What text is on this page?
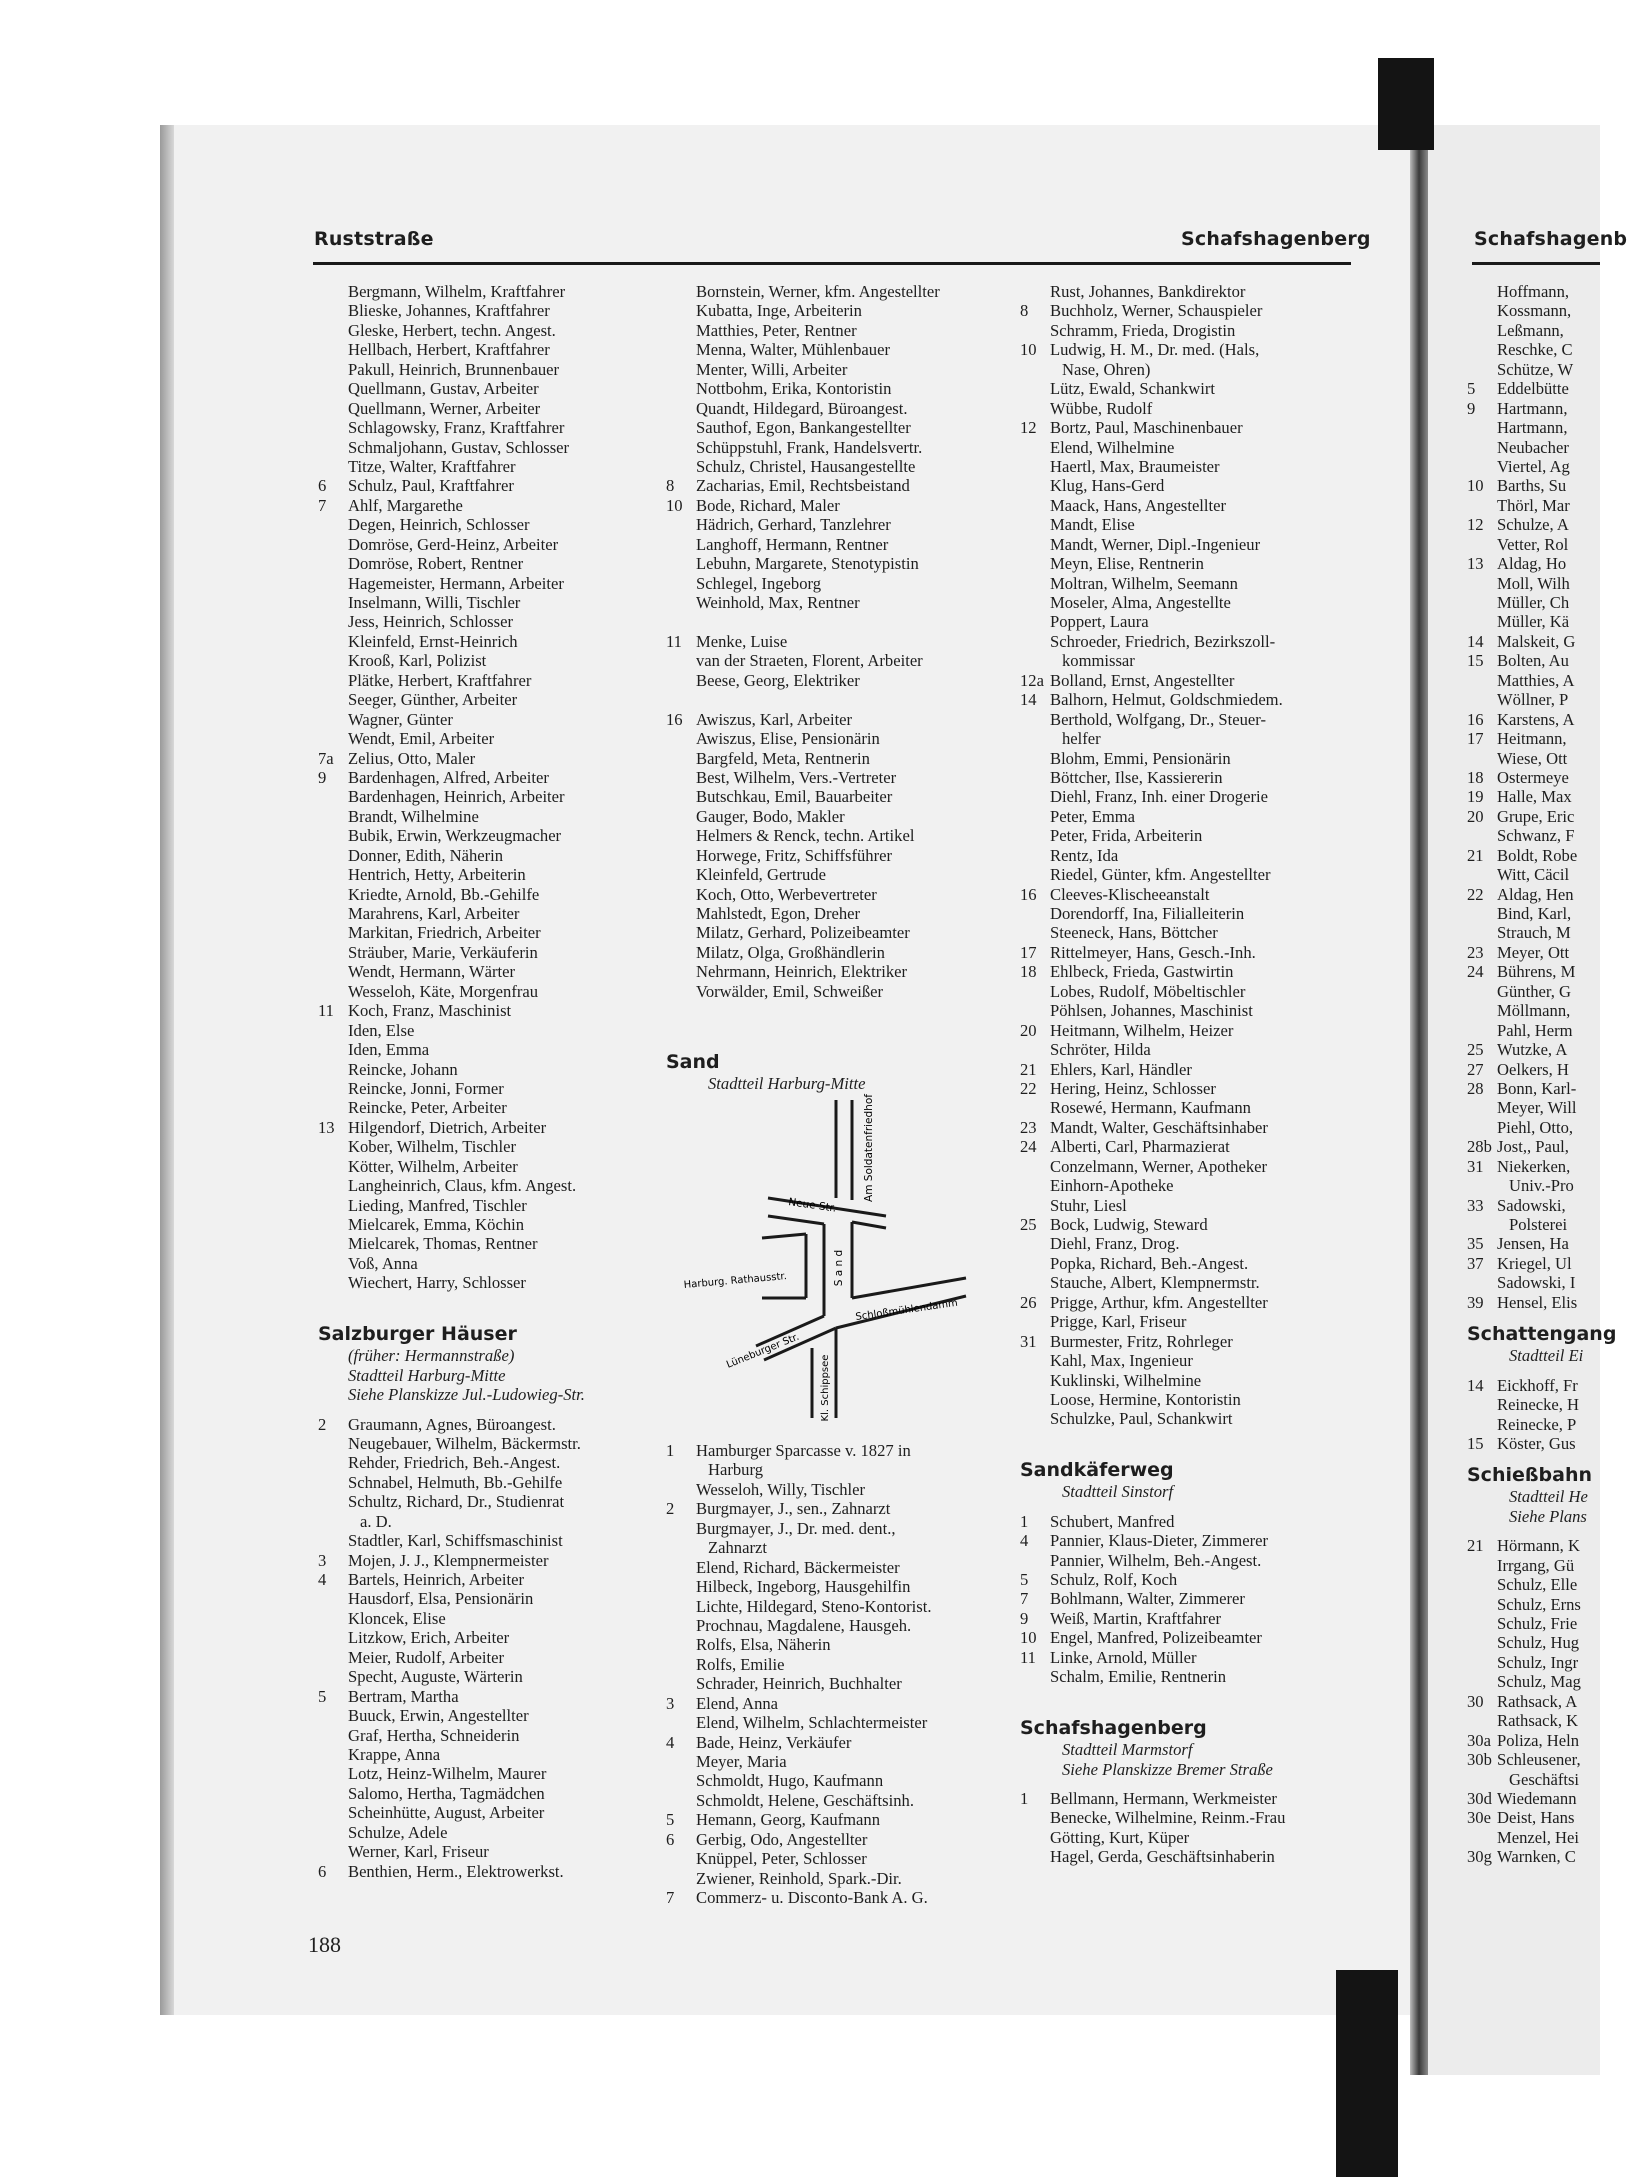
Ruststraße	Schafshagenberg	Schafshagenb
Bergmann, Wilhelm, Kraftfahrer
Blieske, Johannes, Kraftfahrer
Gleske, Herbert, techn. Angest.
Hellbach, Herbert, Kraftfahrer
Pakull, Heinrich, Brunnenbauer
Quellmann, Gustav, Arbeiter
Quellmann, Werner, Arbeiter
Schlagowsky, Franz, Kraftfahrer
Schmaljohann, Gustav, Schlosser
Titze, Walter, Kraftfahrer
6	Schulz, Paul, Kraftfahrer
7	Ahlf, Margarethe
Degen, Heinrich, Schlosser
Domröse, Gerd-Heinz, Arbeiter
Domröse, Robert, Rentner
Hagemeister, Hermann, Arbeiter
Inselmann, Willi, Tischler
Jess, Heinrich, Schlosser
Kleinfeld, Ernst-Heinrich
Krooß, Karl, Polizist
Plätke, Herbert, Kraftfahrer
Seeger, Günther, Arbeiter
Wagner, Günter
Wendt, Emil, Arbeiter
7a Zelius, Otto, Maler
9	Bardenhagen, Alfred, Arbeiter
Bardenhagen, Heinrich, Arbeiter
Brandt, Wilhelmine
Bubik, Erwin, Werkzeugmacher
Donner, Edith, Näherin
Hentrich, Hetty, Arbeiterin
Kriedte, Arnold, Bb.-Gehilfe
Marahrens, Karl, Arbeiter
Markitan, Friedrich, Arbeiter
Sträuber, Marie, Verkäuferin
Wendt, Hermann, Wärter
Wesseloh, Käte, Morgenfrau
11 Koch, Franz, Maschinist
Iden, Else
Iden, Emma
Reincke, Johann
Reincke, Jonni, Former
Reincke, Peter, Arbeiter
13 Hilgendorf, Dietrich, Arbeiter
Kober, Wilhelm, Tischler
Kötter, Wilhelm, Arbeiter
Langheinrich, Claus, kfm. Angest.
Lieding, Manfred, Tischler
Mielcarek, Emma, Köchin
Mielcarek, Thomas, Rentner
Voß, Anna
Wiechert, Harry, Schlosser
Salzburger Häuser
(früher: Hermannstraße)
Stadtteil Harburg-Mitte
Siehe Planskizze Jul.-Ludowieg-Str.
2	Graumann, Agnes, Büroangest.
Neugebauer, Wilhelm, Bäckermstr.
Rehder, Friedrich, Beh.-Angest.
Schnabel, Helmuth, Bb.-Gehilfe
Schultz, Richard, Dr., Studienrat
a. D.
Stadtler, Karl, Schiffsmaschinist
3	Mojen, J. J., Klempnermeister
4	Bartels, Heinrich, Arbeiter
Hausdorf, Elsa, Pensionärin
Kloncek, Elise
Litzkow, Erich, Arbeiter
Meier, Rudolf, Arbeiter
Specht, Auguste, Wärterin
5	Bertram, Martha
Buuck, Erwin, Angestellter
Graf, Hertha, Schneiderin
Krappe, Anna
Lotz, Heinz-Wilhelm, Maurer
Salomo, Hertha, Tagmädchen
Scheinhütte, August, Arbeiter
Schulze, Adele
Werner, Karl, Friseur
6	Benthien, Herm., Elektrowerkst.
Bornstein, Werner, kfm. Angestellter
Kubatta, Inge, Arbeiterin
Matthies, Peter, Rentner
Menna, Walter, Mühlenbauer
Menter, Willi, Arbeiter
Nottbohm, Erika, Kontoristin
Quandt, Hildegard, Büroangest.
Sauthof, Egon, Bankangestellter
Schüppstuhl, Frank, Handelsvertr.
Schulz, Christel, Hausangestellte
8	Zacharias, Emil, Rechtsbeistand
10 Bode, Richard, Maler
Hädrich, Gerhard, Tanzlehrer
Langhoff, Hermann, Rentner
Lebuhn, Margarete, Stenotypistin
Schlegel, Ingeborg
Weinhold, Max, Rentner
11 Menke, Luise
van der Straeten, Florent, Arbeiter
Beese, Georg, Elektriker
16 Awiszus, Karl, Arbeiter
Awiszus, Elise, Pensionärin
Bargfeld, Meta, Rentnerin
Best, Wilhelm, Vers.-Vertreter
Butschkau, Emil, Bauarbeiter
Gauger, Bodo, Makler
Helmers & Renck, techn. Artikel
Horwege, Fritz, Schiffsführer
Kleinfeld, Gertrude
Koch, Otto, Werbevertreter
Mahlstedt, Egon, Dreher
Milatz, Gerhard, Polizeibeamter
Milatz, Olga, Großhändlerin
Nehrmann, Heinrich, Elektriker
Vorwälder, Emil, Schweißer
Sand
Stadtteil Harburg-Mitte
Am Soldatenfriedhof
Neue Str.
Harburg. Rathausstr.	S a n d
Schloßmühlendamm
Lüneburger Str.
Kl. Schippsee
1	Hamburger Sparcasse v. 1827 in
Harburg
Wesseloh, Willy, Tischler
2	Burgmayer, J., sen., Zahnarzt
Burgmayer, J., Dr. med. dent.,
Zahnarzt
Elend, Richard, Bäckermeister
Hilbeck, Ingeborg, Hausgehilfin
Lichte, Hildegard, Steno-Kontorist.
Prochnau, Magdalene, Hausgeh.
Rolfs, Elsa, Näherin
Rolfs, Emilie
Schrader, Heinrich, Buchhalter
3	Elend, Anna
Elend, Wilhelm, Schlachtermeister
4	Bade, Heinz, Verkäufer
Meyer, Maria
Schmoldt, Hugo, Kaufmann
Schmoldt, Helene, Geschäftsinh.
5	Hemann, Georg, Kaufmann
6	Gerbig, Odo, Angestellter
Knüppel, Peter, Schlosser
Zwiener, Reinhold, Spark.-Dir.
7	Commerz- u. Disconto-Bank A. G.
Rust, Johannes, Bankdirektor
8	Buchholz, Werner, Schauspieler
Schramm, Frieda, Drogistin
10 Ludwig, H. M., Dr. med. (Hals,
Nase, Ohren)
Lütz, Ewald, Schankwirt
Wübbe, Rudolf
12 Bortz, Paul, Maschinenbauer
Elend, Wilhelmine
Haertl, Max, Braumeister
Klug, Hans-Gerd
Maack, Hans, Angestellter
Mandt, Elise
Mandt, Werner, Dipl.-Ingenieur
Meyn, Elise, Rentnerin
Moltran, Wilhelm, Seemann
Moseler, Alma, Angestellte
Poppert, Laura
Schroeder, Friedrich, Bezirkszoll-
kommissar
12a Bolland, Ernst, Angestellter
14 Balhorn, Helmut, Goldschmiedem.
Berthold, Wolfgang, Dr., Steuer-
helfer
Blohm, Emmi, Pensionärin
Böttcher, Ilse, Kassiererin
Diehl, Franz, Inh. einer Drogerie
Peter, Emma
Peter, Frida, Arbeiterin
Rentz, Ida
Riedel, Günter, kfm. Angestellter
16 Cleeves-Klischeeanstalt
Dorendorff, Ina, Filialleiterin
Steeneck, Hans, Böttcher
17 Rittelmeyer, Hans, Gesch.-Inh.
18 Ehlbeck, Frieda, Gastwirtin
Lobes, Rudolf, Möbeltischler
Pöhlsen, Johannes, Maschinist
20 Heitmann, Wilhelm, Heizer
Schröter, Hilda
21 Ehlers, Karl, Händler
22 Hering, Heinz, Schlosser
Rosewé, Hermann, Kaufmann
23 Mandt, Walter, Geschäftsinhaber
24 Alberti, Carl, Pharmazierat
Conzelmann, Werner, Apotheker
Einhorn-Apotheke
Stuhr, Liesl
25 Bock, Ludwig, Steward
Diehl, Franz, Drog.
Popka, Richard, Beh.-Angest.
Stauche, Albert, Klempnermstr.
26 Prigge, Arthur, kfm. Angestellter
Prigge, Karl, Friseur
31 Burmester, Fritz, Rohrleger
Kahl, Max, Ingenieur
Kuklinski, Wilhelmine
Loose, Hermine, Kontoristin
Schulzke, Paul, Schankwirt
Sandkäferweg
Stadtteil Sinstorf
1	Schubert, Manfred
4	Pannier, Klaus-Dieter, Zimmerer
Pannier, Wilhelm, Beh.-Angest.
5	Schulz, Rolf, Koch
7	Bohlmann, Walter, Zimmerer
9	Weiß, Martin, Kraftfahrer
10 Engel, Manfred, Polizeibeamter
11 Linke, Arnold, Müller
Schalm, Emilie, Rentnerin
Schafshagenberg
Stadtteil Marmstorf
Siehe Planskizze Bremer Straße
1	Bellmann, Hermann, Werkmeister
Benecke, Wilhelmine, Reinm.-Frau
Götting, Kurt, Küper
Hagel, Gerda, Geschäftsinhaberin
Hoffmann,
Kossmann,
Leßmann,
Reschke, C
Schütze, W
5	Eddelbütte
9	Hartmann,
Hartmann,
Neubacher
Viertel, Ag
10 Barths, Su
Thörl, Mar
12 Schulze, A
Vetter, Rol
13 Aldag, Ho
Moll, Wilh
Müller, Ch
Müller, Kä
14 Malskeit, G
15 Bolten, Au
Matthies, A
Wöllner, P
16 Karstens, A
17 Heitmann,
Wiese, Ott
18 Ostermeye
19 Halle, Max
20 Grupe, Eric
Schwanz, F
21 Boldt, Robe
Witt, Cäcil
22 Aldag, Hen
Bind, Karl,
Strauch, M
23 Meyer, Ott
24 Bührens, M
Günther, G
Möllmann,
Pahl, Herm
25 Wutzke, A
27 Oelkers, H
28 Bonn, Karl-
Meyer, Will
Piehl, Otto,
28b Jost,, Paul,
31 Niekerken,
Univ.-Pro
33 Sadowski,
Polsterei
35 Jensen, Ha
37 Kriegel, Ul
Sadowski, I
39 Hensel, Elis
Schattengang
Stadtteil Ei
14 Eickhoff, Fr
Reinecke, H
Reinecke, P
15 Köster, Gus
Schießbahn
Stadtteil He
Siehe Plans
21 Hörmann, K
Irrgang, Gü
Schulz, Elle
Schulz, Erns
Schulz, Frie
Schulz, Hug
Schulz, Ingr
Schulz, Mag
30 Rathsack, A
Rathsack, K
30a Poliza, Heln
30b Schleusener,
Geschäftsi
30d Wiedemann
30e Deist, Hans
Menzel, Hei
30g Warnken, C
188
